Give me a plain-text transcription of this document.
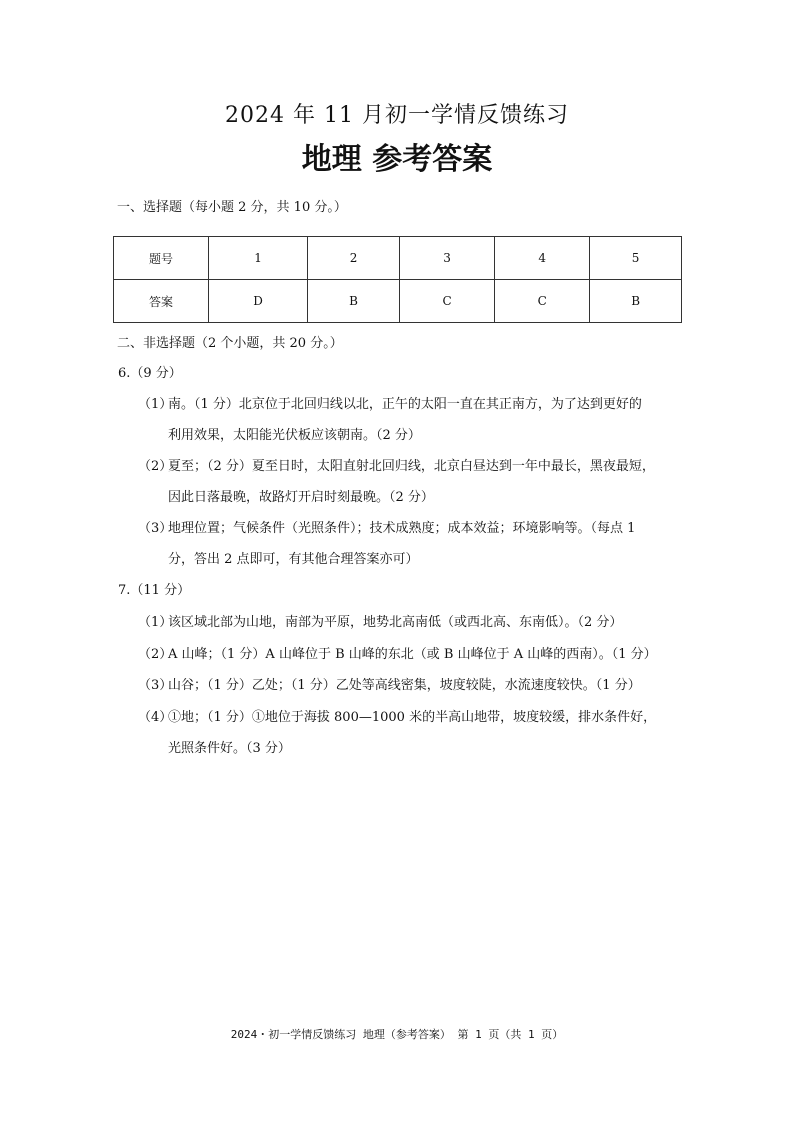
2024 年 11 月初一学情反馈练习
地理 参考答案
一、选择题（每小题 2 分，共 10 分。）
题号	1	2	3	4	5
答案	D	B	C	C	B
二、非选择题（2 个小题，共 20 分。）
6.（9 分）
（1）南。（1 分）北京位于北回归线以北，正午的太阳一直在其正南方，为了达到更好的
利用效果，太阳能光伏板应该朝南。（2 分）
（2）夏至；（2 分）夏至日时，太阳直射北回归线，北京白昼达到一年中最长，黑夜最短，
因此日落最晚，故路灯开启时刻最晚。（2 分）
（3）地理位置；气候条件（光照条件）；技术成熟度；成本效益；环境影响等。（每点 1
分，答出 2 点即可，有其他合理答案亦可）
7.（11 分）
（1）该区域北部为山地，南部为平原，地势北高南低（或西北高、东南低）。（2 分）
（2）A 山峰；（1 分）A 山峰位于 B 山峰的东北（或 B 山峰位于 A 山峰的西南）。（1 分）
（3）山谷；（1 分）乙处；（1 分）乙处等高线密集，坡度较陡，水流速度较快。（1 分）
（4）①地；（1 分）①地位于海拔 800—1000 米的半高山地带，坡度较缓，排水条件好，
光照条件好。（3 分）
2024・初一学情反馈练习 地理（参考答案） 第 1 页（共 1 页）
